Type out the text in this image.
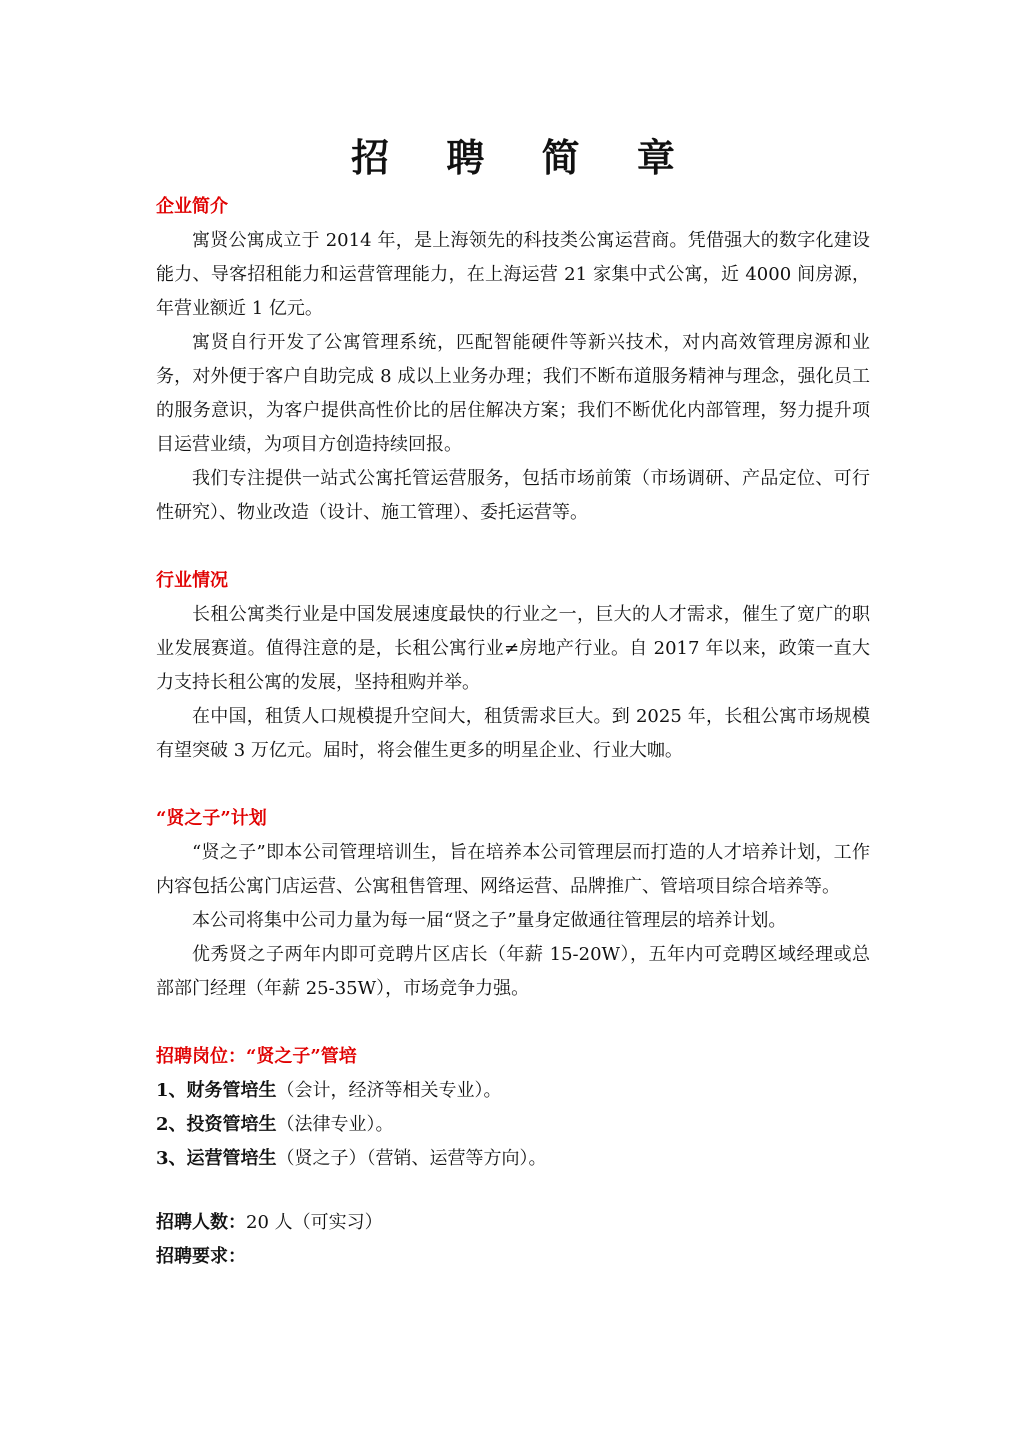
招 聘 简 章
企业简介

寓贤公寓成立于 2014 年，是上海领先的科技类公寓运营商。凭借强大的数字化建设能力、导客招租能力和运营管理能力，在上海运营 21 家集中式公寓，近 4000 间房源，年营业额近 1 亿元。

寓贤自行开发了公寓管理系统，匹配智能硬件等新兴技术，对内高效管理房源和业务，对外便于客户自助完成 8 成以上业务办理；我们不断布道服务精神与理念，强化员工的服务意识，为客户提供高性价比的居住解决方案；我们不断优化内部管理，努力提升项目运营业绩，为项目方创造持续回报。

我们专注提供一站式公寓托管运营服务，包括市场前策（市场调研、产品定位、可行性研究）、物业改造（设计、施工管理）、委托运营等。

行业情况

长租公寓类行业是中国发展速度最快的行业之一，巨大的人才需求，催生了宽广的职业发展赛道。值得注意的是，长租公寓行业≠房地产行业。自 2017 年以来，政策一直大力支持长租公寓的发展，坚持租购并举。

在中国，租赁人口规模提升空间大，租赁需求巨大。到 2025 年，长租公寓市场规模有望突破 3 万亿元。届时，将会催生更多的明星企业、行业大咖。

“贤之子”计划

“贤之子”即本公司管理培训生，旨在培养本公司管理层而打造的人才培养计划，工作内容包括公寓门店运营、公寓租售管理、网络运营、品牌推广、管培项目综合培养等。

本公司将集中公司力量为每一届“贤之子”量身定做通往管理层的培养计划。

优秀贤之子两年内即可竞聘片区店长（年薪 15-20W），五年内可竞聘区域经理或总部部门经理（年薪 25-35W），市场竞争力强。

招聘岗位：“贤之子”管培
1、财务管培生（会计，经济等相关专业）。
2、投资管培生（法律专业）。
3、运营管培生（贤之子）（营销、运营等方向）。

招聘人数：20 人（可实习）

招聘要求：
